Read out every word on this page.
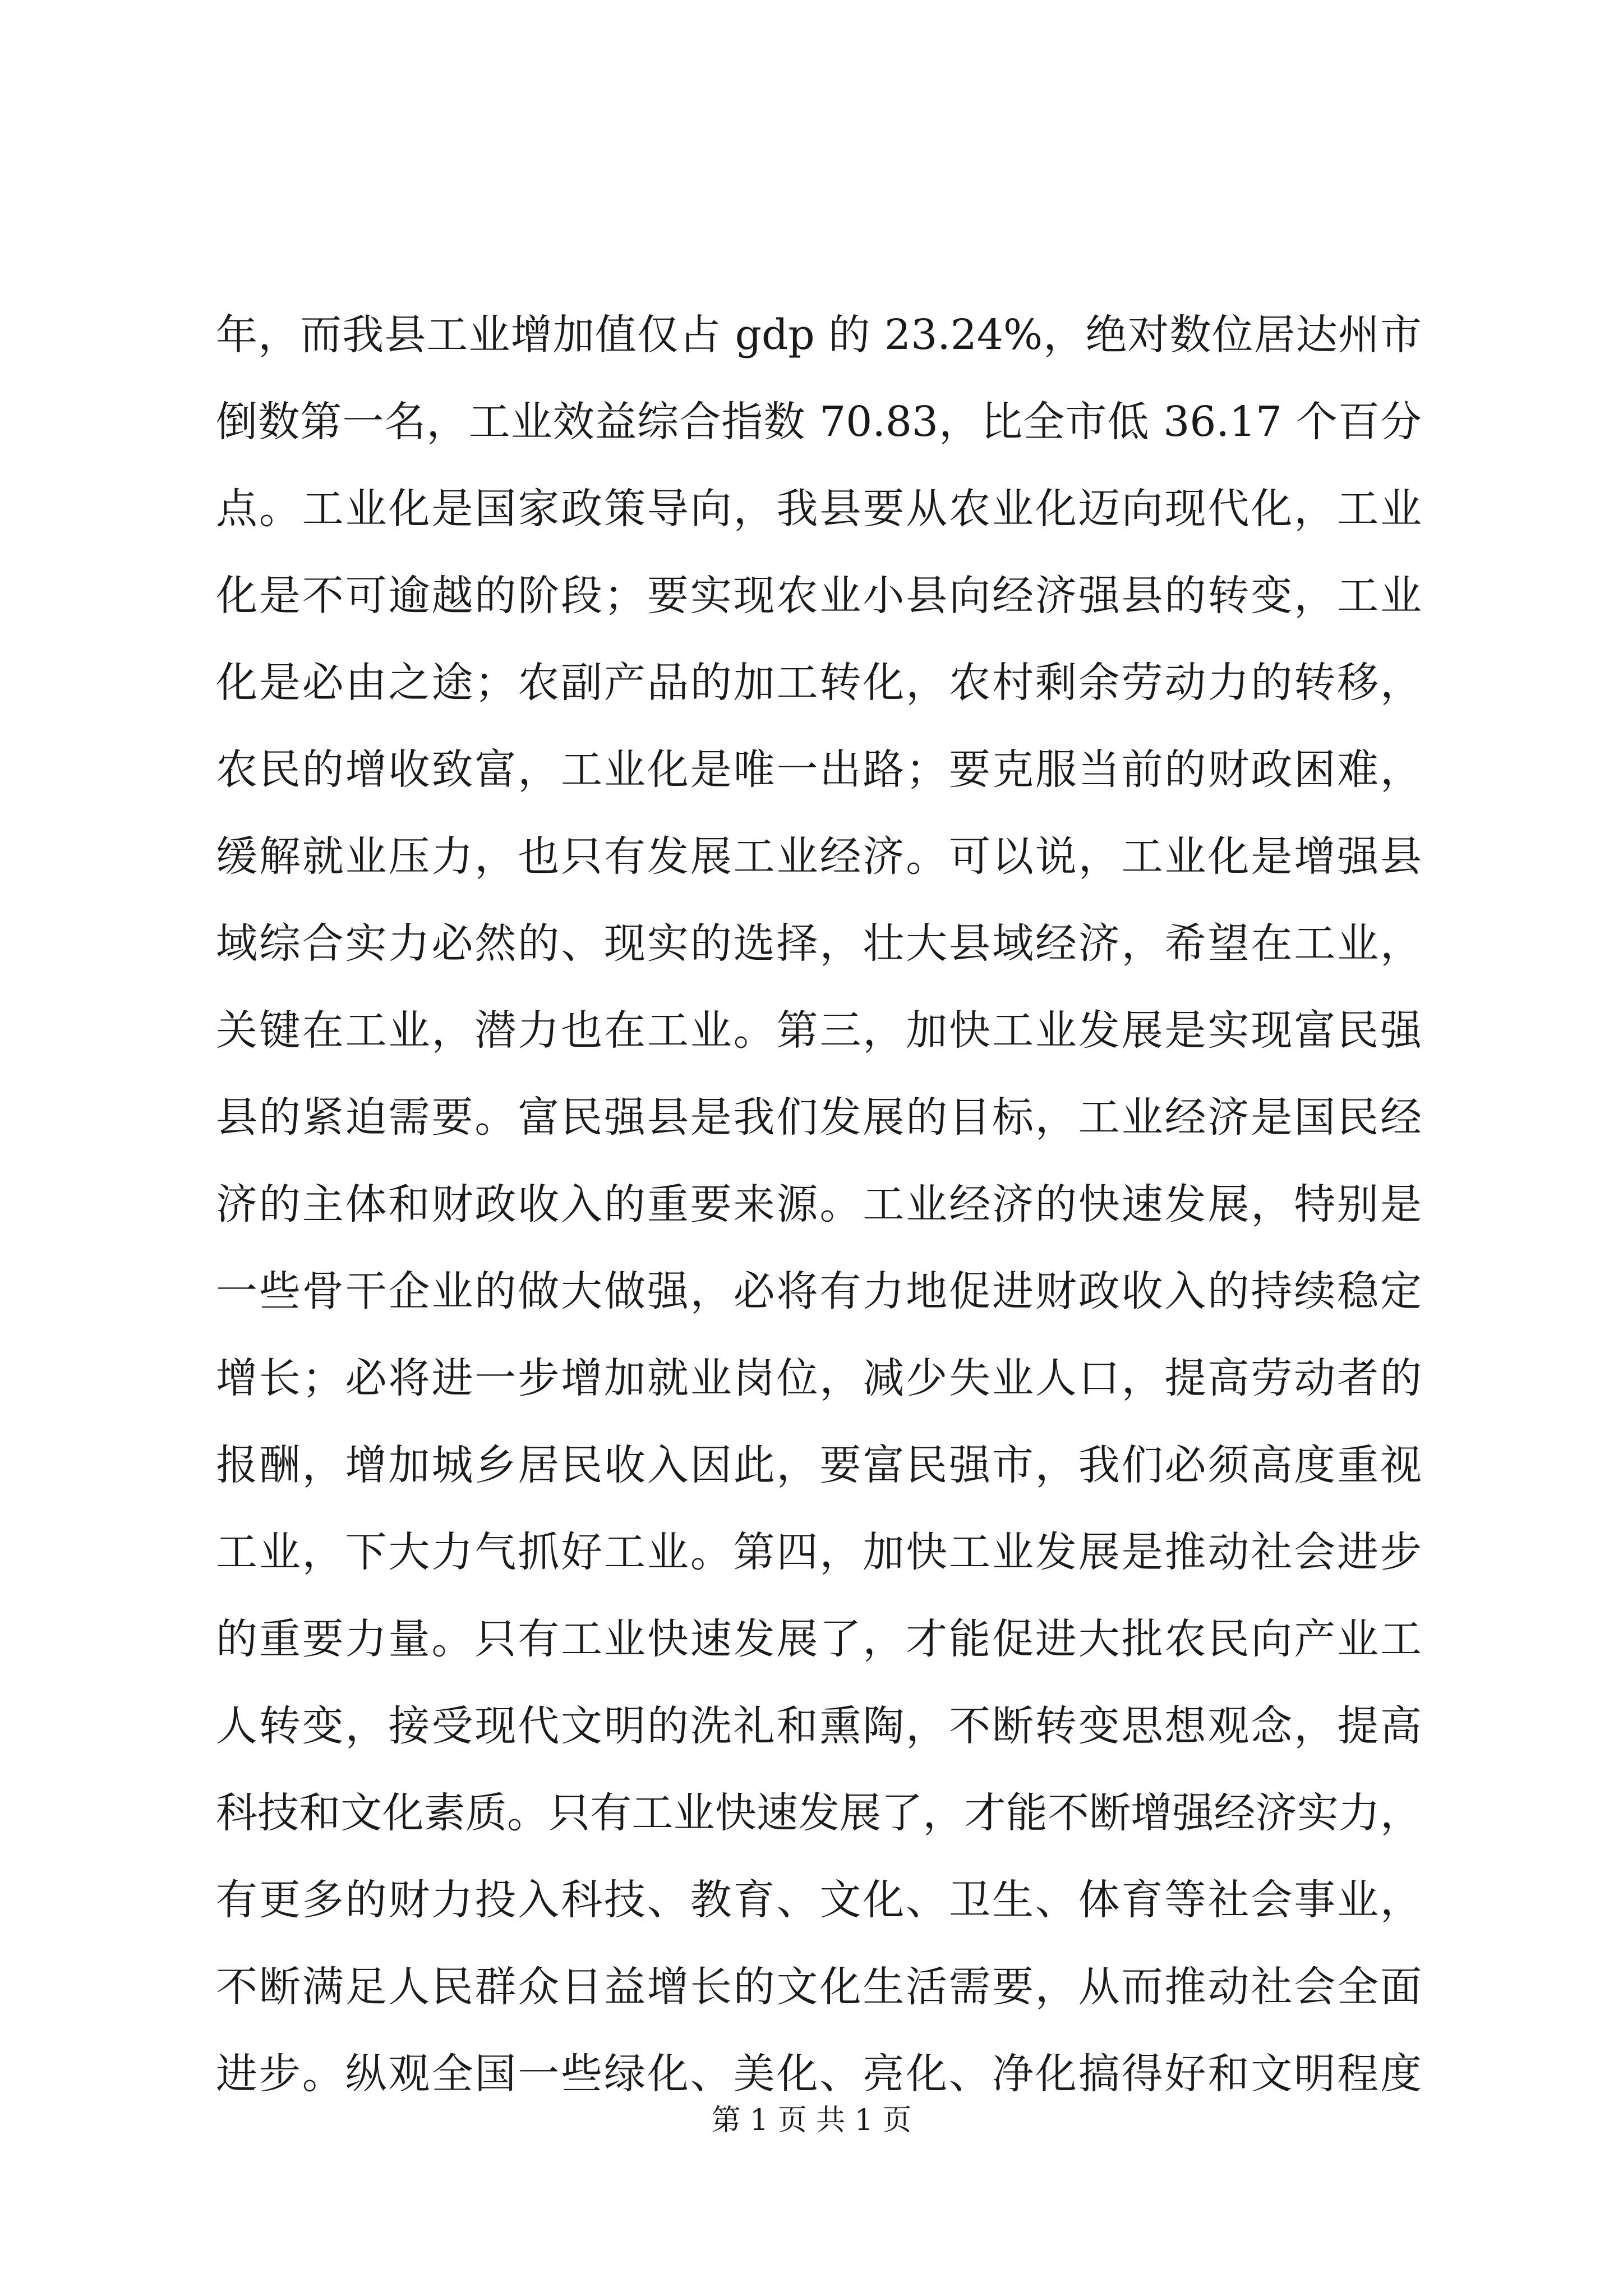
年，而我县工业增加值仅占 gdp 的 23.24%，绝对数位居达州市
倒数第一名，工业效益综合指数 70.83，比全市低 36.17 个百分
点。工业化是国家政策导向，我县要从农业化迈向现代化，工业
化是不可逾越的阶段；要实现农业小县向经济强县的转变，工业
化是必由之途；农副产品的加工转化，农村剩余劳动力的转移，
农民的增收致富，工业化是唯一出路；要克服当前的财政困难，
缓解就业压力，也只有发展工业经济。可以说，工业化是增强县
域综合实力必然的、现实的选择，壮大县域经济，希望在工业，
关键在工业，潜力也在工业。第三，加快工业发展是实现富民强
县的紧迫需要。富民强县是我们发展的目标，工业经济是国民经
济的主体和财政收入的重要来源。工业经济的快速发展，特别是
一些骨干企业的做大做强，必将有力地促进财政收入的持续稳定
增长；必将进一步增加就业岗位，减少失业人口，提高劳动者的
报酬，增加城乡居民收入因此，要富民强市，我们必须高度重视
工业，下大力气抓好工业。第四，加快工业发展是推动社会进步
的重要力量。只有工业快速发展了，才能促进大批农民向产业工
人转变，接受现代文明的洗礼和熏陶，不断转变思想观念，提高
科技和文化素质。只有工业快速发展了，才能不断增强经济实力，
有更多的财力投入科技、教育、文化、卫生、体育等社会事业，
不断满足人民群众日益增长的文化生活需要，从而推动社会全面
进步。纵观全国一些绿化、美化、亮化、净化搞得好和文明程度
第 1 页 共 1 页
